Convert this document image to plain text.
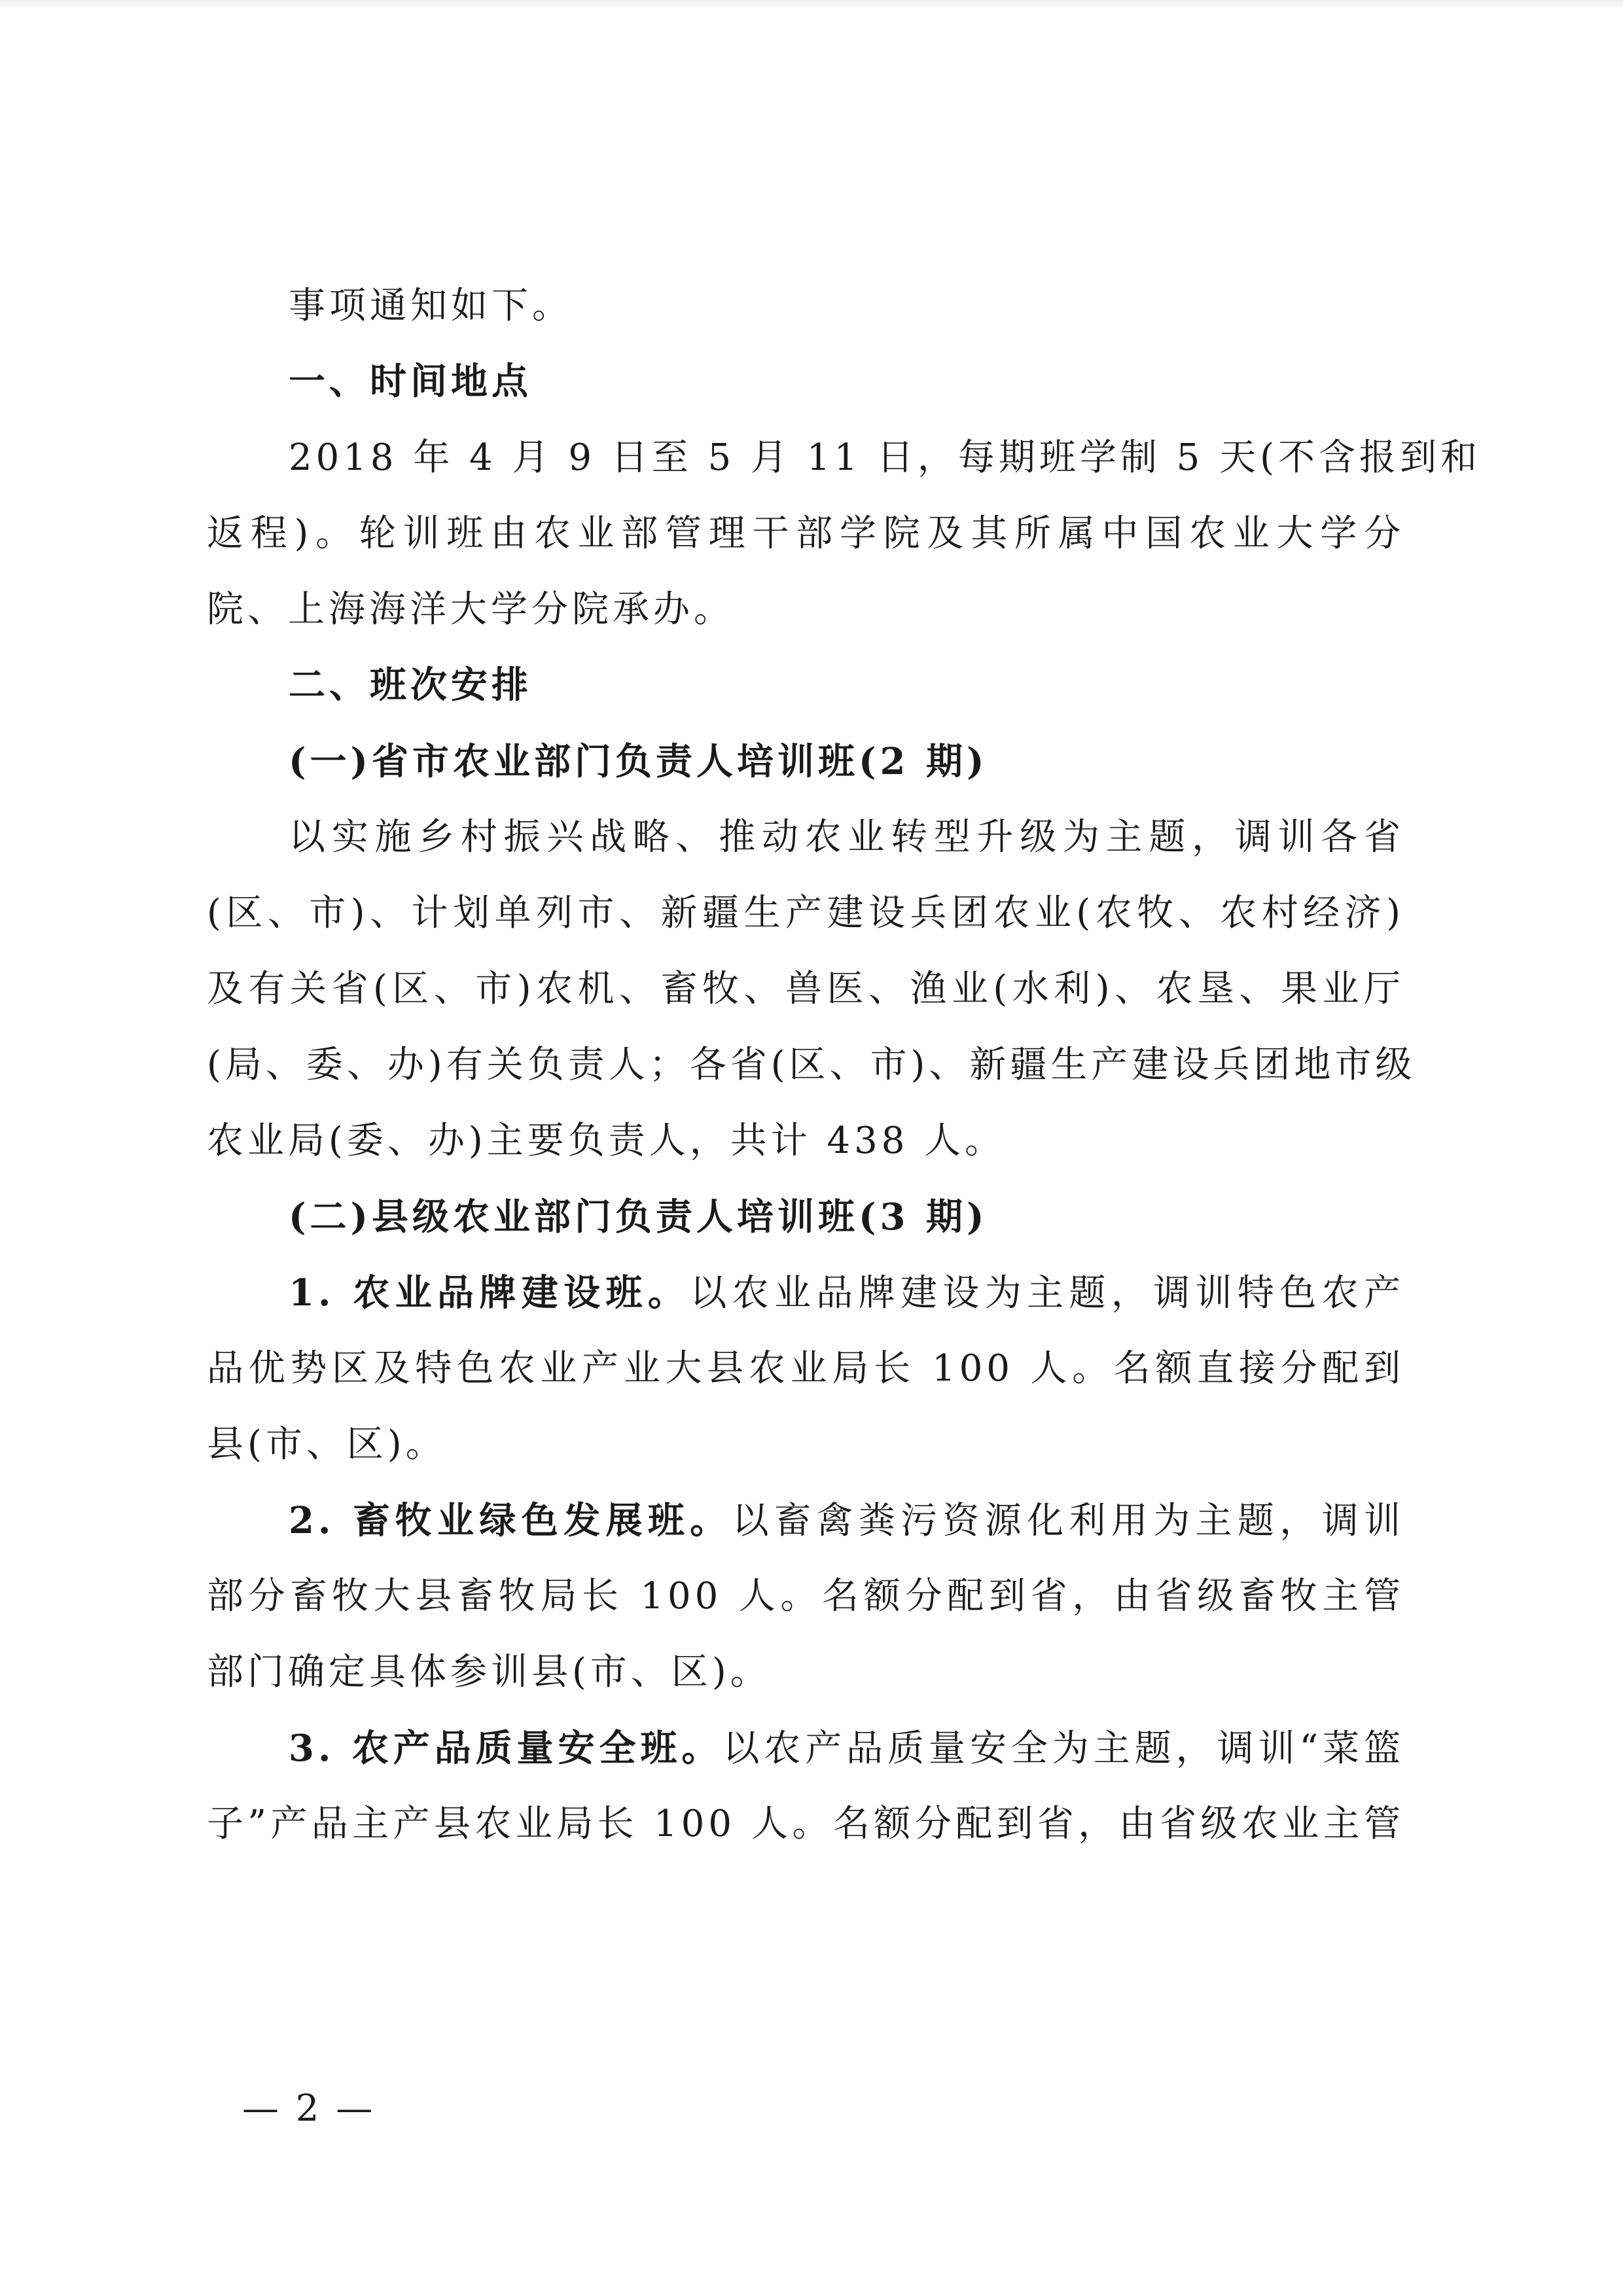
事项通知如下。
一、时间地点
2018 年 4 月 9 日至 5 月 11 日，每期班学制 5 天(不含报到和
返程)。轮训班由农业部管理干部学院及其所属中国农业大学分
院、上海海洋大学分院承办。
二、班次安排
(一)省市农业部门负责人培训班(2 期)
以实施乡村振兴战略、推动农业转型升级为主题，调训各省
(区、市)、计划单列市、新疆生产建设兵团农业(农牧、农村经济)
及有关省(区、市)农机、畜牧、兽医、渔业(水利)、农垦、果业厅
(局、委、办)有关负责人；各省(区、市)、新疆生产建设兵团地市级
农业局(委、办)主要负责人，共计 438 人。
(二)县级农业部门负责人培训班(3 期)
1. 农业品牌建设班。以农业品牌建设为主题，调训特色农产
品优势区及特色农业产业大县农业局长 100 人。名额直接分配到
县(市、区)。
2. 畜牧业绿色发展班。以畜禽粪污资源化利用为主题，调训
部分畜牧大县畜牧局长 100 人。名额分配到省，由省级畜牧主管
部门确定具体参训县(市、区)。
3. 农产品质量安全班。以农产品质量安全为主题，调训“菜篮
子”产品主产县农业局长 100 人。名额分配到省，由省级农业主管
— 2 —
